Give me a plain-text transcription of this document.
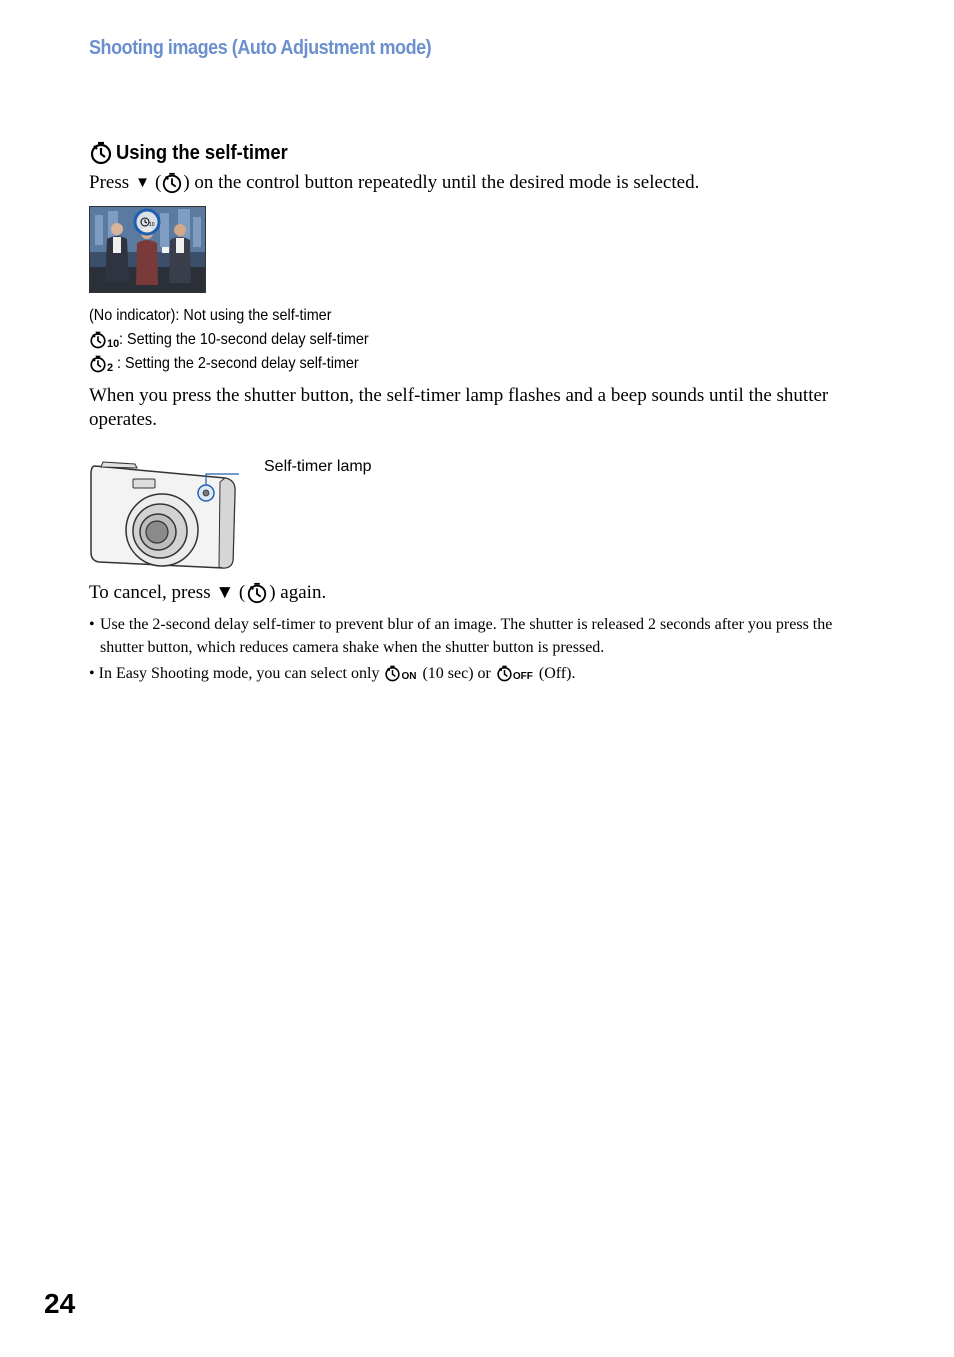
Shooting images (Auto Adjustment mode)
Using the self-timer
Press ▼ ( ) on the control button repeatedly until the desired mode is selected.
10
(No indicator): Not using the self-timer
10 : Setting the 10-second delay self-timer
2 : Setting the 2-second delay self-timer
When you press the shutter button, the self-timer lamp flashes and a beep sounds until the shutter operates.
Self-timer lamp
To cancel, press ▼ ( ) again.
• Use the 2-second delay self-timer to prevent blur of an image. The shutter is released 2 seconds after you press the shutter button, which reduces camera shake when the shutter button is pressed.
• In Easy Shooting mode, you can select only ON (10 sec) or OFF (Off).
24
